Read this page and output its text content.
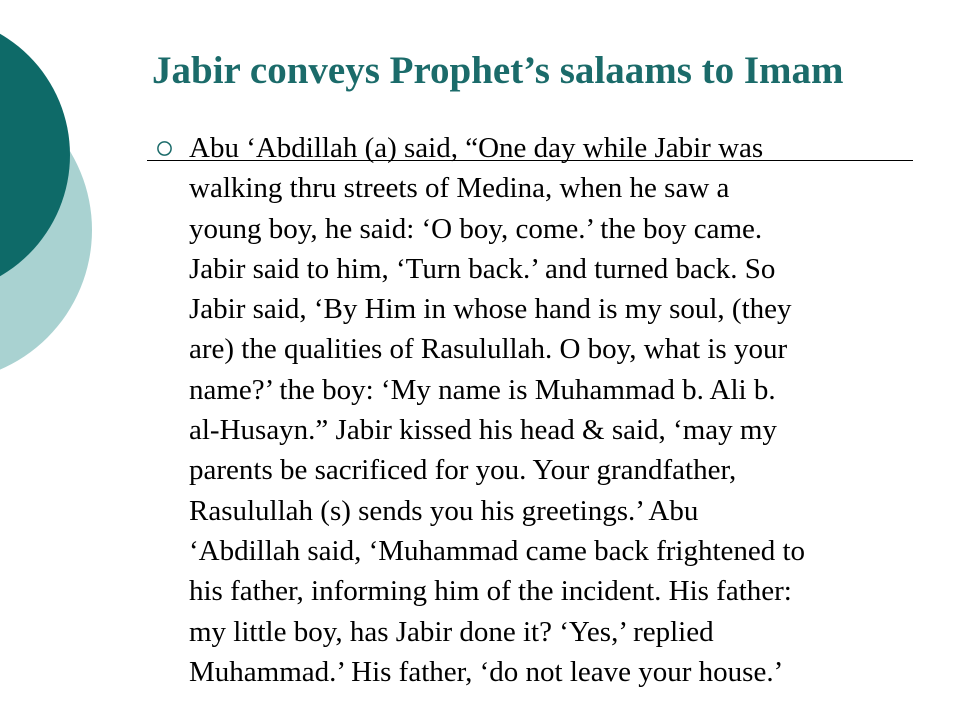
Jabir conveys Prophet’s salaams to Imam
Abu ‘Abdillah (a) said, “One day while Jabir was
walking thru streets of Medina, when he saw a
young boy, he said: ‘O boy, come.’ the boy came.
Jabir said to him, ‘Turn back.’ and turned back. So
Jabir said, ‘By Him in whose hand is my soul, (they
are) the qualities of Rasulullah. O boy, what is your
name?’ the boy: ‘My name is Muhammad b. Ali b.
al-Husayn.” Jabir kissed his head & said, ‘may my
parents be sacrificed for you. Your grandfather,
Rasulullah (s) sends you his greetings.’ Abu
‘Abdillah said, ‘Muhammad came back frightened to
his father, informing him of the incident. His father:
my little boy, has Jabir done it? ‘Yes,’ replied
Muhammad.’ His father, ‘do not leave your house.’
